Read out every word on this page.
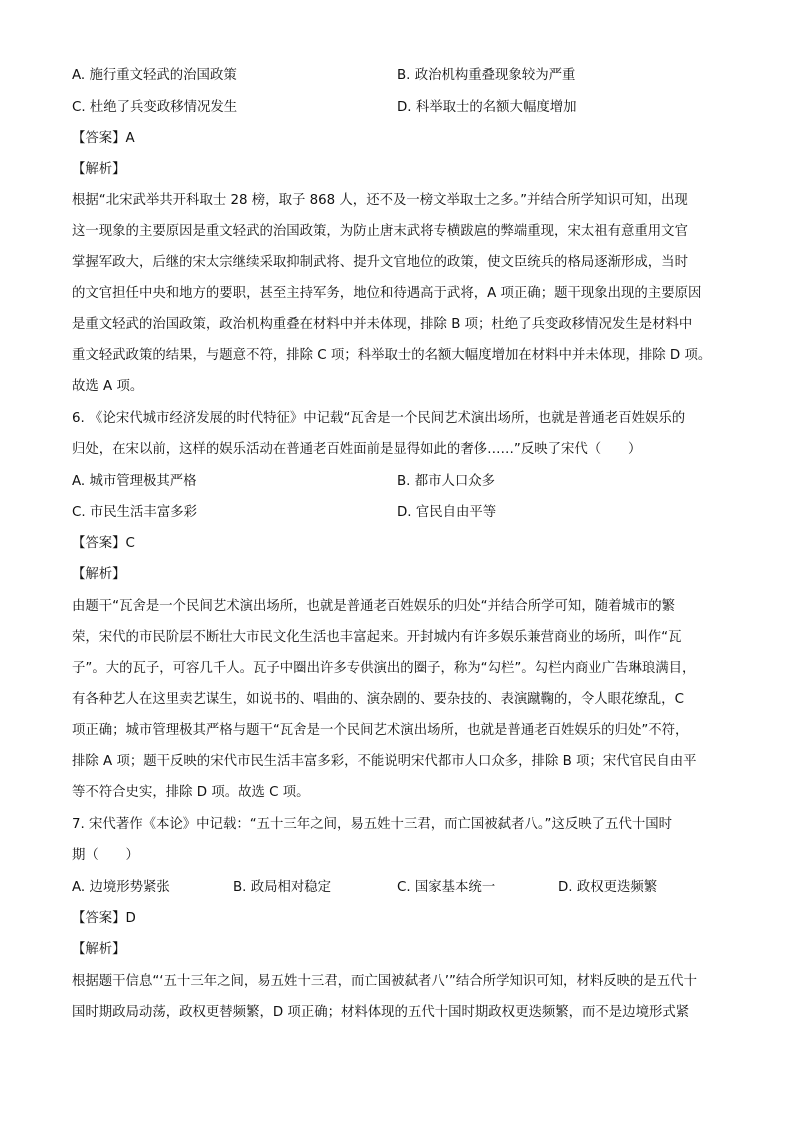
A. 施行重文轻武的治国政策	B. 政治机构重叠现象较为严重
C. 杜绝了兵变政移情况发生	D. 科举取士的名额大幅度增加
【答案】A
【解析】
根据“北宋武举共开科取士 28 榜，取子 868 人，还不及一榜文举取士之多。”并结合所学知识可知，出现
这一现象的主要原因是重文轻武的治国政策，为防止唐末武将专横跋扈的弊端重现，宋太祖有意重用文官
掌握军政大，后继的宋太宗继续采取抑制武将、提升文官地位的政策，使文臣统兵的格局逐渐形成，当时
的文官担任中央和地方的要职，甚至主持军务，地位和待遇高于武将，A 项正确；题干现象出现的主要原因
是重文轻武的治国政策，政治机构重叠在材料中并未体现，排除 B 项；杜绝了兵变政移情况发生是材料中
重文轻武政策的结果，与题意不符，排除 C 项；科举取士的名额大幅度增加在材料中并未体现，排除 D 项。
故选 A 项。
6. 《论宋代城市经济发展的时代特征》中记载“瓦舍是一个民间艺术演出场所，也就是普通老百姓娱乐的
归处，在宋以前，这样的娱乐活动在普通老百姓面前是显得如此的奢侈……”反映了宋代（　　）
A. 城市管理极其严格	B. 都市人口众多
C. 市民生活丰富多彩	D. 官民自由平等
【答案】C
【解析】
由题干“瓦舍是一个民间艺术演出场所，也就是普通老百姓娱乐的归处“并结合所学可知，随着城市的繁
荣，宋代的市民阶层不断壮大市民文化生活也丰富起来。开封城内有许多娱乐兼营商业的场所，叫作“瓦
子”。大的瓦子，可容几千人。瓦子中圈出许多专供演出的圈子，称为“勾栏”。勾栏内商业广告琳琅满目，
有各种艺人在这里卖艺谋生，如说书的、唱曲的、演杂剧的、要杂技的、表演蹴鞠的，令人眼花缭乱，C
项正确；城市管理极其严格与题干“瓦舍是一个民间艺术演出场所，也就是普通老百姓娱乐的归处”不符，
排除 A 项；题干反映的宋代市民生活丰富多彩，不能说明宋代都市人口众多，排除 B 项；宋代官民自由平
等不符合史实，排除 D 项。故选 C 项。
7. 宋代著作《本论》中记载：“五十三年之间，易五姓十三君，而亡国被弑者八。”这反映了五代十国时
期（　　）
A. 边境形势紧张	B. 政局相对稳定	C. 国家基本统一	D. 政权更迭频繁
【答案】D
【解析】
根据题干信息“‘五十三年之间，易五姓十三君，而亡国被弑者八’”结合所学知识可知，材料反映的是五代十
国时期政局动荡，政权更替频繁，D 项正确；材料体现的五代十国时期政权更迭频繁，而不是边境形式紧
